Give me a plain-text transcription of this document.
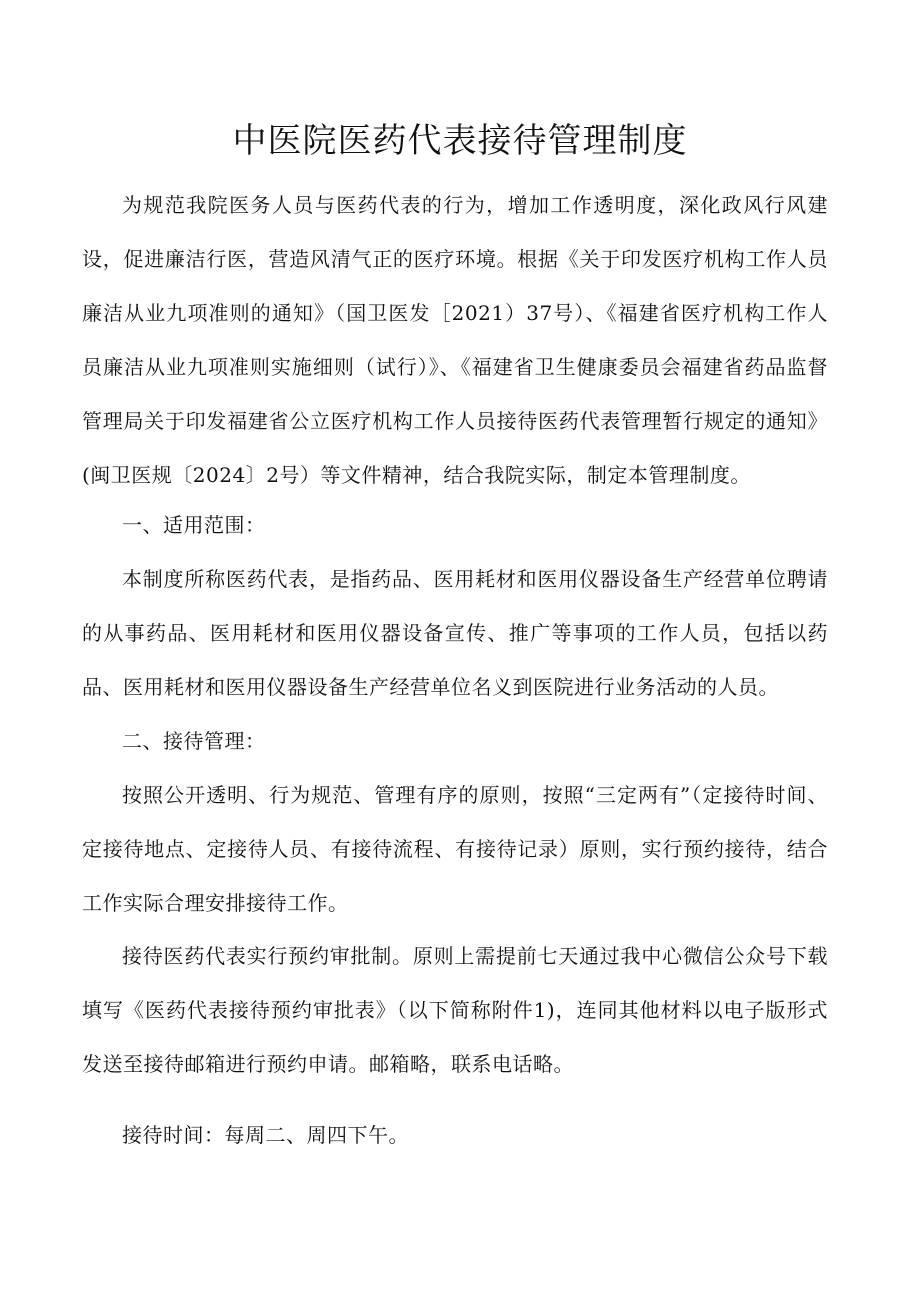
中医院医药代表接待管理制度

为规范我院医务人员与医药代表的行为，增加工作透明度，深化政风行风建设，促进廉洁行医，营造风清气正的医疗环境。根据《关于印发医疗机构工作人员廉洁从业九项准则的通知》（国卫医发［2021）37号）、《福建省医疗机构工作人员廉洁从业九项准则实施细则（试行）》、《福建省卫生健康委员会福建省药品监督管理局关于印发福建省公立医疗机构工作人员接待医药代表管理暂行规定的通知》(闽卫医规〔2024〕2号）等文件精神，结合我院实际，制定本管理制度。

一、适用范围：

本制度所称医药代表，是指药品、医用耗材和医用仪器设备生产经营单位聘请的从事药品、医用耗材和医用仪器设备宣传、推广等事项的工作人员，包括以药品、医用耗材和医用仪器设备生产经营单位名义到医院进行业务活动的人员。

二、接待管理：

按照公开透明、行为规范、管理有序的原则，按照“三定两有”（定接待时间、定接待地点、定接待人员、有接待流程、有接待记录）原则，实行预约接待，结合工作实际合理安排接待工作。

接待医药代表实行预约审批制。原则上需提前七天通过我中心微信公众号下载填写《医药代表接待预约审批表》（以下简称附件1)，连同其他材料以电子版形式发送至接待邮箱进行预约申请。邮箱略，联系电话略。

接待时间：每周二、周四下午。
